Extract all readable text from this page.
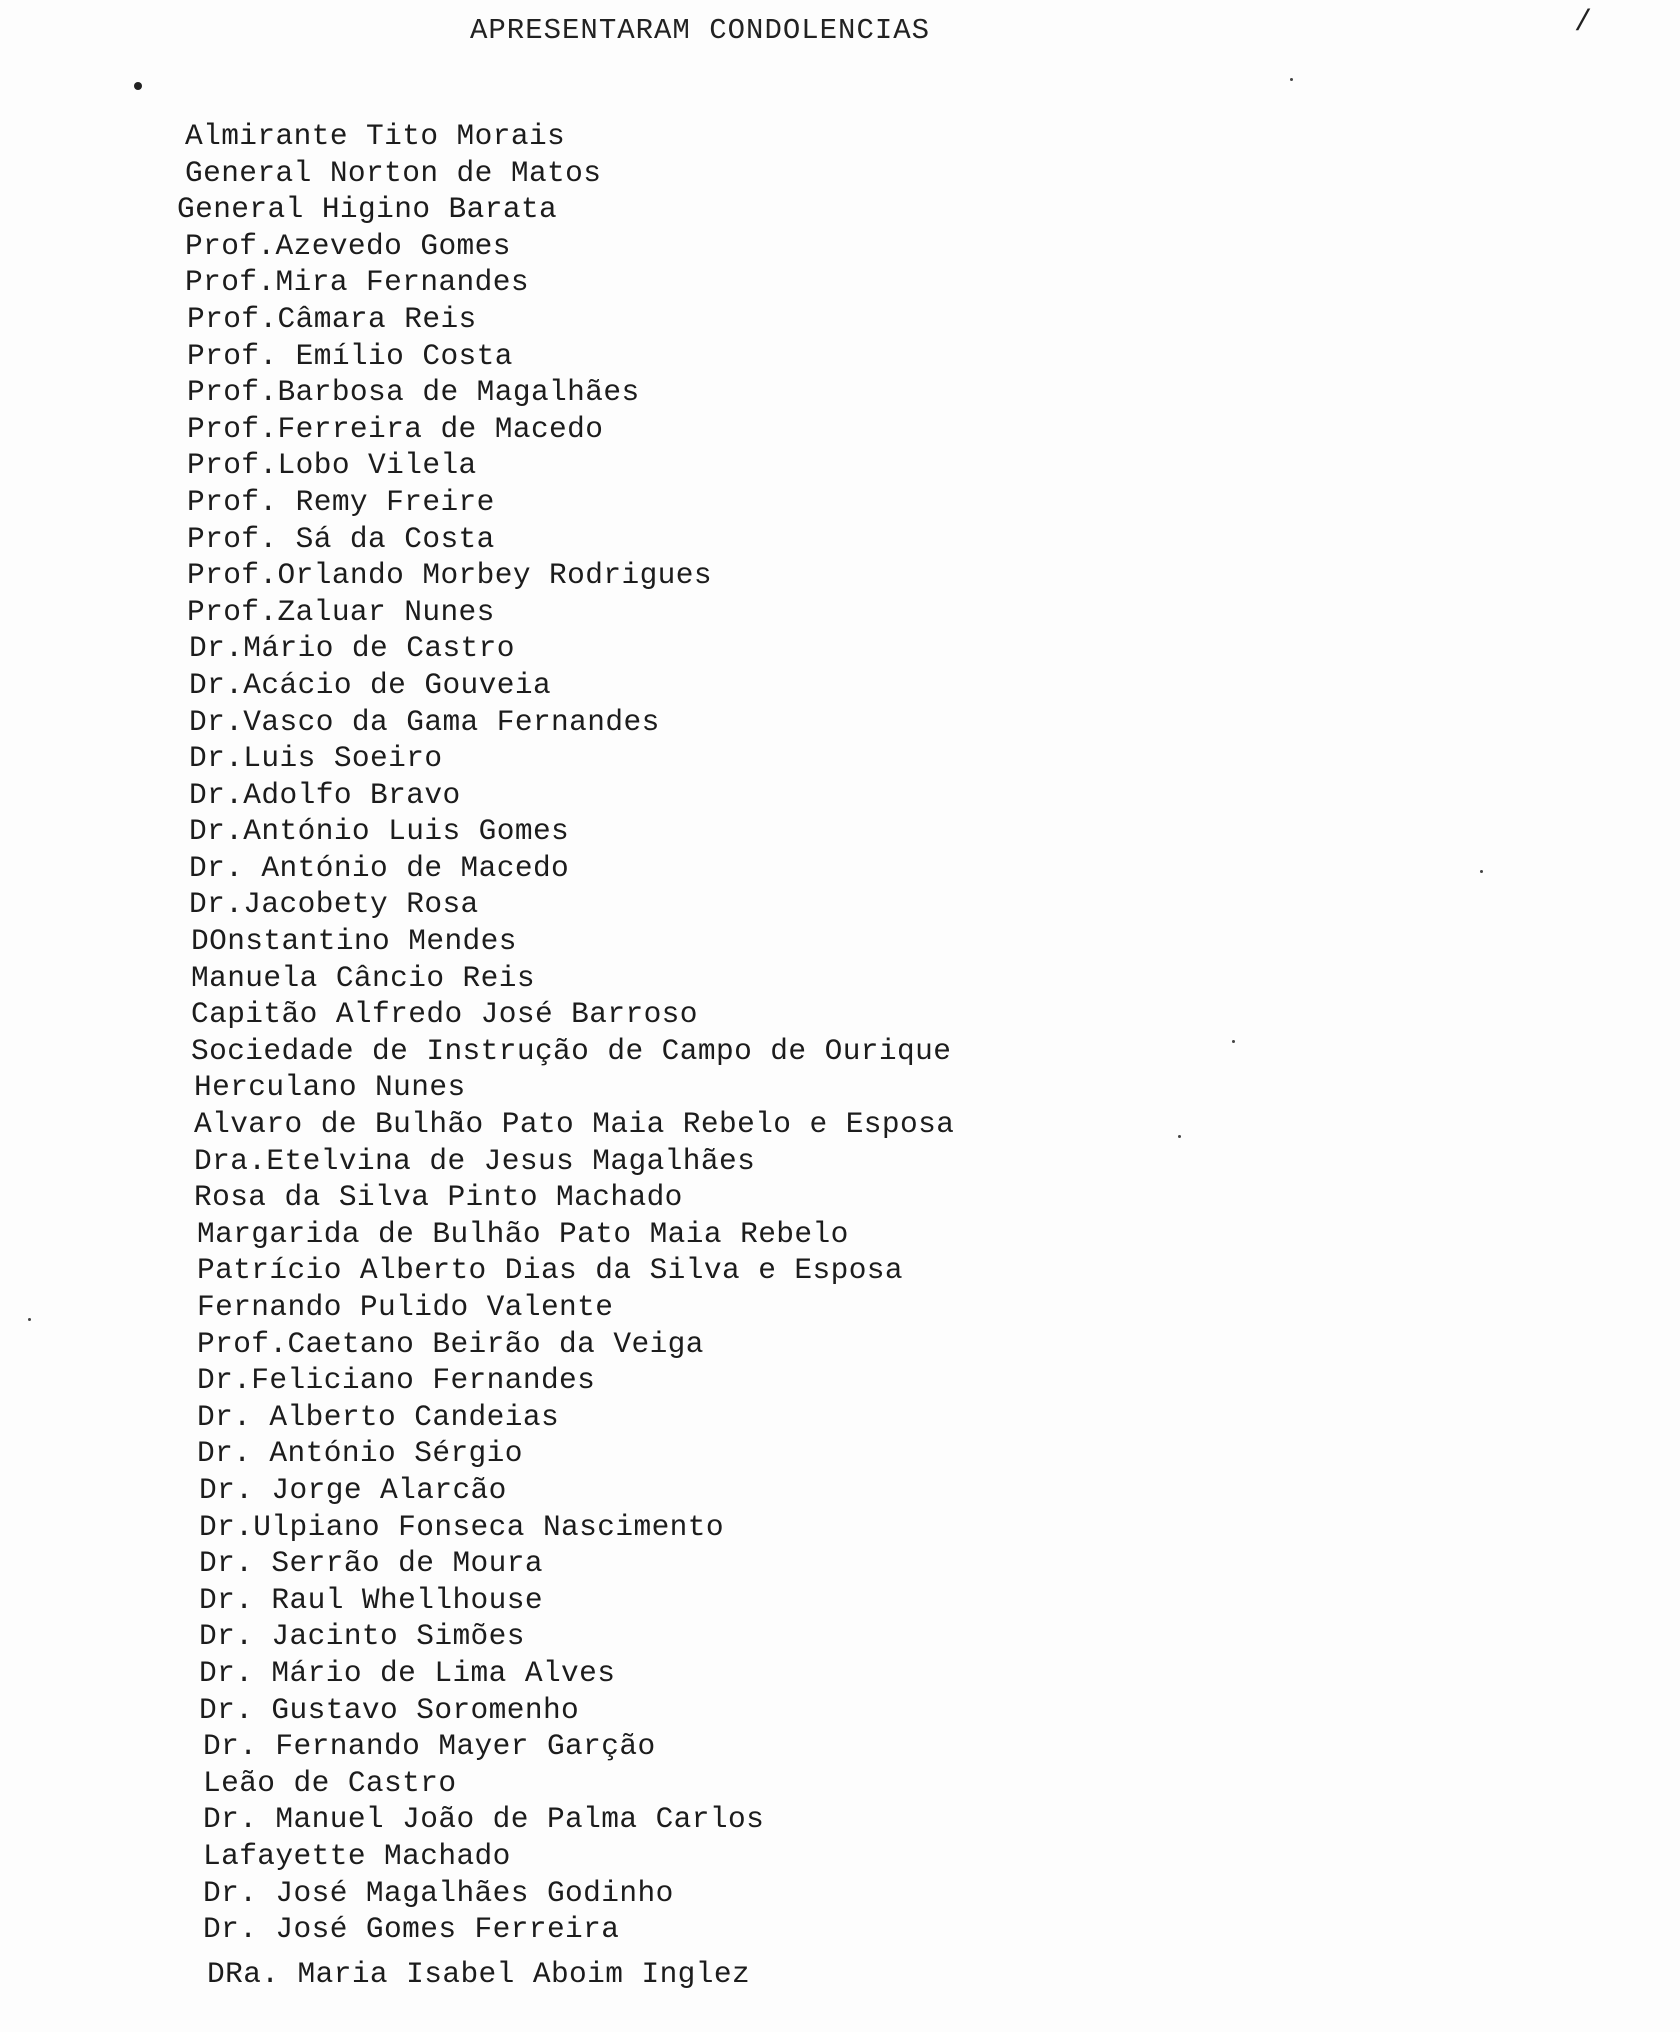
APRESENTARAM CONDOLENCIAS	/
Almirante Tito Morais
General Norton de Matos
General Higino Barata
Prof.Azevedo Gomes
Prof.Mira Fernandes
Prof.Câmara Reis
Prof. Emílio Costa
Prof.Barbosa de Magalhães
Prof.Ferreira de Macedo
Prof.Lobo Vilela
Prof. Remy Freire
Prof. Sá da Costa
Prof.Orlando Morbey Rodrigues
Prof.Zaluar Nunes
Dr.Mário de Castro
Dr.Acácio de Gouveia
Dr.Vasco da Gama Fernandes
Dr.Luis Soeiro
Dr.Adolfo Bravo
Dr.António Luis Gomes
Dr. António de Macedo
Dr.Jacobety Rosa
DOnstantino Mendes
Manuela Câncio Reis
Capitão Alfredo José Barroso
Sociedade de Instrução de Campo de Ourique
Herculano Nunes
Alvaro de Bulhão Pato Maia Rebelo e Esposa
Dra.Etelvina de Jesus Magalhães
Rosa da Silva Pinto Machado
Margarida de Bulhão Pato Maia Rebelo
Patrício Alberto Dias da Silva e Esposa
Fernando Pulido Valente
Prof.Caetano Beirão da Veiga
Dr.Feliciano Fernandes
Dr. Alberto Candeias
Dr. António Sérgio
Dr. Jorge Alarcão
Dr.Ulpiano Fonseca Nascimento
Dr. Serrão de Moura
Dr. Raul Whellhouse
Dr. Jacinto Simões
Dr. Mário de Lima Alves
Dr. Gustavo Soromenho
Dr. Fernando Mayer Garção
Leão de Castro
Dr. Manuel João de Palma Carlos
Lafayette Machado
Dr. José Magalhães Godinho
Dr. José Gomes Ferreira
DRa. Maria Isabel Aboim Inglez
